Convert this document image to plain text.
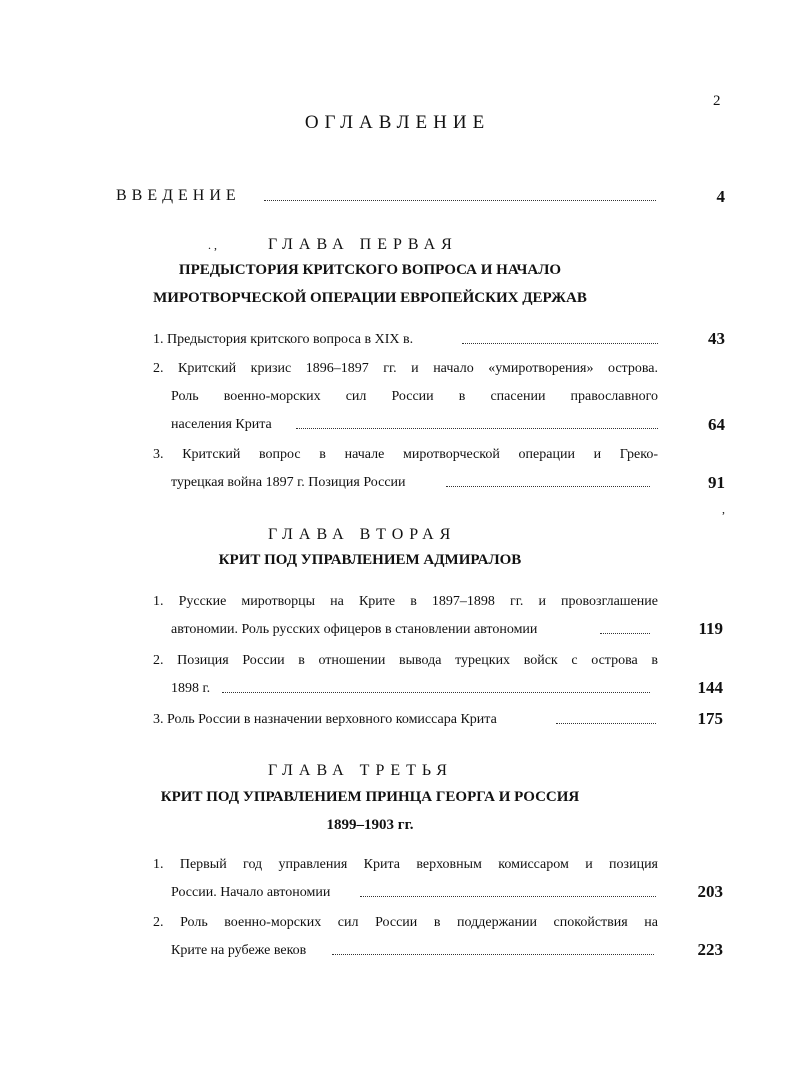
2
ОГЛАВЛЕНИЕ
ВВЕДЕНИЕ	4
. ,	ГЛАВА ПЕРВАЯ
ПРЕДЫСТОРИЯ КРИТСКОГО ВОПРОСА И НАЧАЛО
МИРОТВОРЧЕСКОЙ ОПЕРАЦИИ ЕВРОПЕЙСКИХ ДЕРЖАВ
1. Предыстория критского вопроса в XIX в.	43
2. Критский кризис 1896–1897 гг. и начало «умиротворения» острова.
Роль военно-морских сил России в спасении православного
населения Крита	64
3. Критский вопрос в начале миротворческой операции и Греко-
турецкая война 1897 г. Позиция России	91
,
ГЛАВА ВТОРАЯ
КРИТ ПОД УПРАВЛЕНИЕМ АДМИРАЛОВ
1. Русские миротворцы на Крите в 1897–1898 гг. и провозглашение
автономии. Роль русских офицеров в становлении автономии	119
2. Позиция России в отношении вывода турецких войск с острова в
1898 г.	144
3. Роль России в назначении верховного комиссара Крита	175
ГЛАВА ТРЕТЬЯ
КРИТ ПОД УПРАВЛЕНИЕМ ПРИНЦА ГЕОРГА И РОССИЯ
1899–1903 гг.
1. Первый год управления Крита верховным комиссаром и позиция
России. Начало автономии	203
2. Роль военно-морских сил России в поддержании спокойствия на
Крите на рубеже веков	223
